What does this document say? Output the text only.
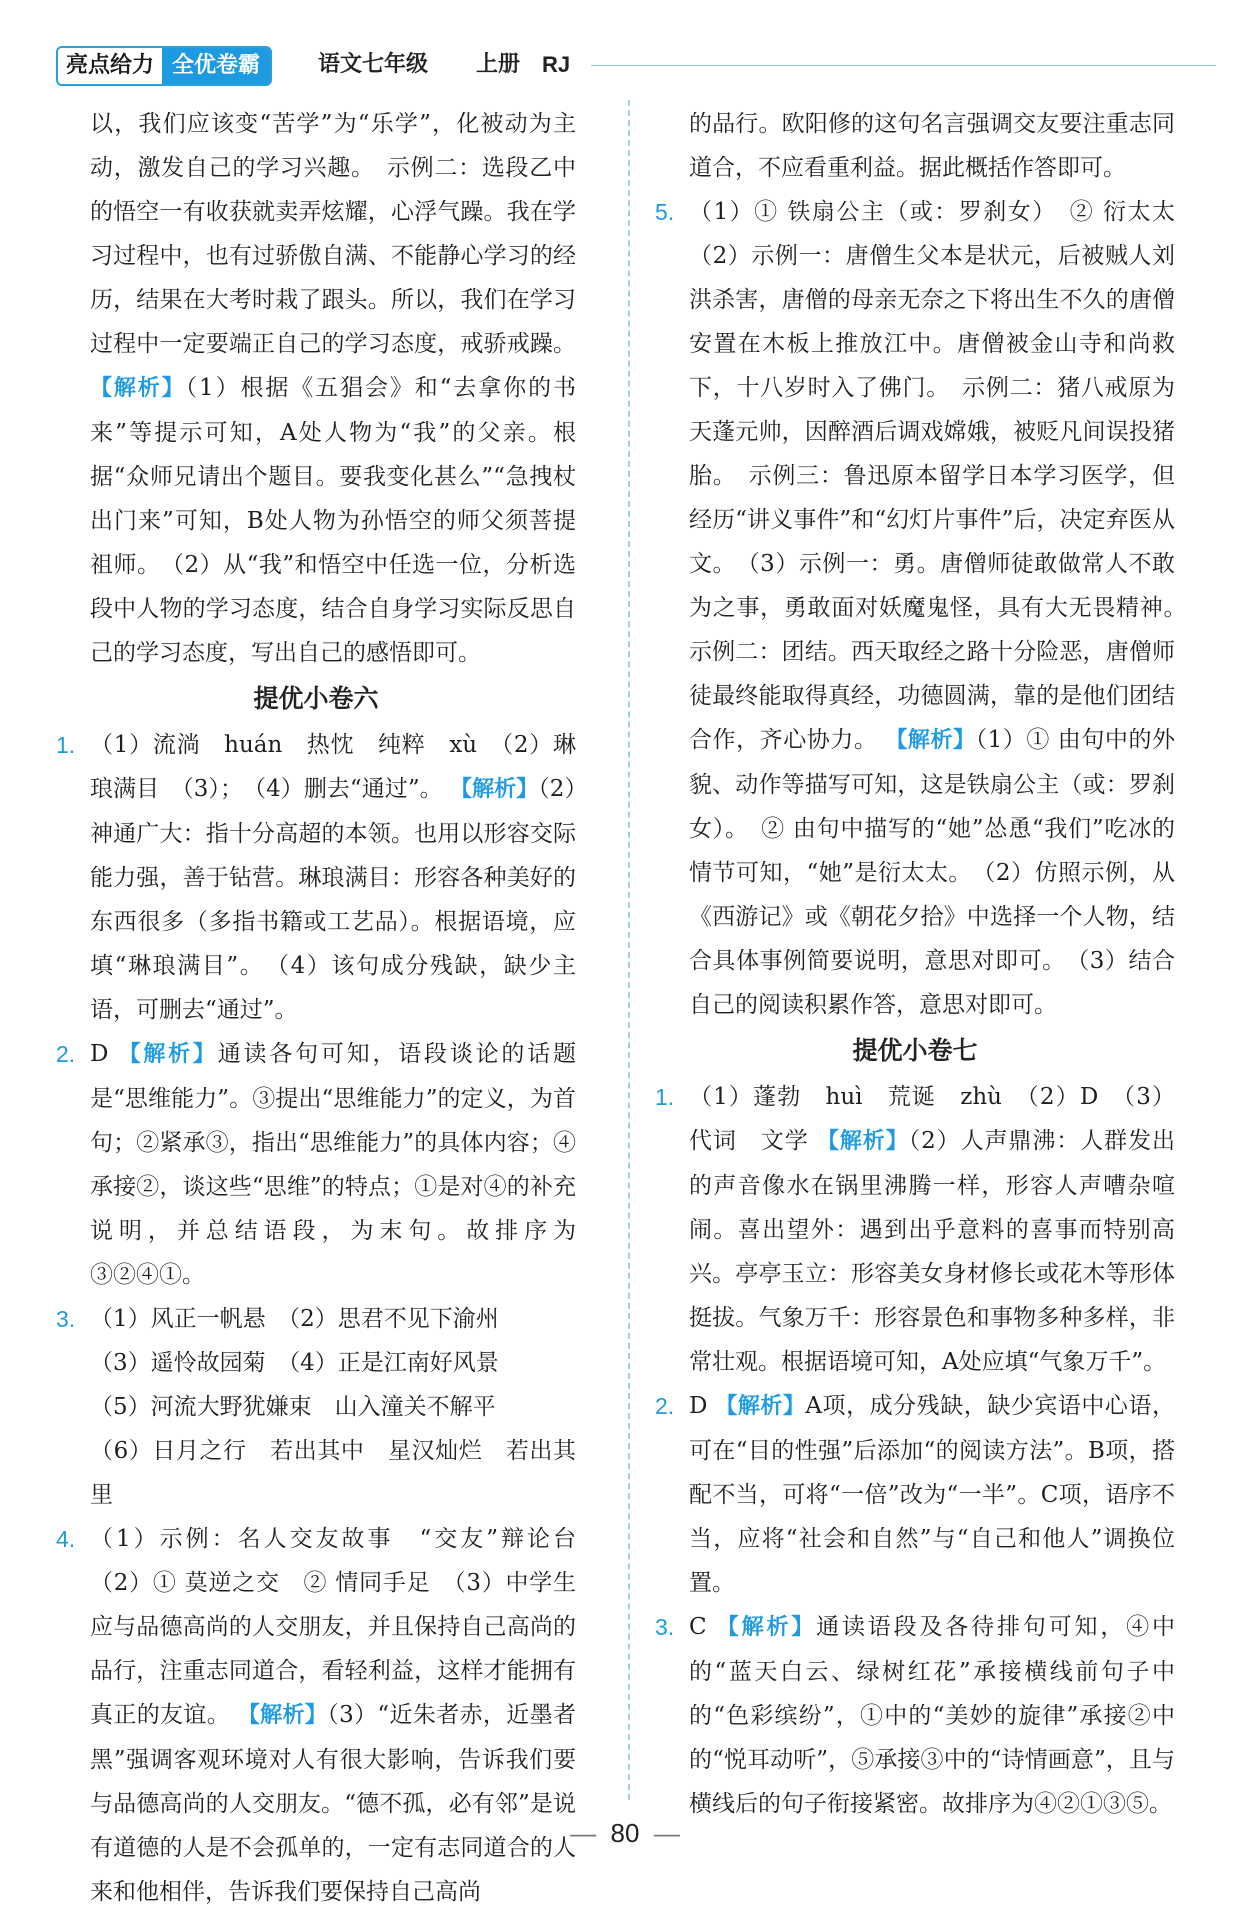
亮点给力 全优卷霸	语文七年级 上册 RJ
以，我们应该变“苦学”为“乐学”，化被动为主动，激发自己的学习兴趣。　示例二：选段乙中的悟空一有收获就卖弄炫耀，心浮气躁。我在学习过程中，也有过骄傲自满、不能静心学习的经历，结果在大考时栽了跟头。所以，我们在学习过程中一定要端正自己的学习态度，戒骄戒躁。 【解析】（1）根据《五猖会》和“去拿你的书来”等提示可知，A处人物为“我”的父亲。根据“众师兄请出个题目。要我变化甚么”“急拽杖出门来”可知，B处人物为孙悟空的师父须菩提祖师。　（2）从“我”和悟空中任选一位，分析选段中人物的学习态度，结合自身学习实际反思自己的学习态度，写出自己的感悟即可。
提优小卷六
1. （1）流淌　huán　热忱　纯粹　xù　（2）琳琅满目　（3）；　（4）删去“通过”。 【解析】（2）神通广大：指十分高超的本领。也用以形容交际能力强，善于钻营。琳琅满目：形容各种美好的东西很多（多指书籍或工艺品）。根据语境，应填“琳琅满目”。　（4）该句成分残缺，缺少主语，可删去“通过”。
2. D 【解析】通读各句可知，语段谈论的话题是“思维能力”。③提出“思维能力”的定义，为首句；②紧承③，指出“思维能力”的具体内容；④承接②，谈这些“思维”的特点；①是对④的补充说明，并总结语段，为末句。故排序为③②④①。
3. （1）风正一帆悬　（2）思君不见下渝州
（3）遥怜故园菊　（4）正是江南好风景
（5）河流大野犹嫌束　山入潼关不解平
（6）日月之行　若出其中　星汉灿烂　若出其里
4. （1）示例：名人交友故事　“交友”辩论台　（2）① 莫逆之交　② 情同手足　（3）中学生应与品德高尚的人交朋友，并且保持自己高尚的品行，注重志同道合，看轻利益，这样才能拥有真正的友谊。 【解析】（3）“近朱者赤，近墨者黑”强调客观环境对人有很大影响，告诉我们要与品德高尚的人交朋友。“德不孤，必有邻”是说有道德的人是不会孤单的，一定有志同道合的人来和他相伴，告诉我们要保持自己高尚
的品行。欧阳修的这句名言强调交友要注重志同道合，不应看重利益。据此概括作答即可。
5. （1）① 铁扇公主（或：罗刹女）　② 衍太太　（2）示例一：唐僧生父本是状元，后被贼人刘洪杀害，唐僧的母亲无奈之下将出生不久的唐僧安置在木板上推放江中。唐僧被金山寺和尚救下，十八岁时入了佛门。　示例二：猪八戒原为天蓬元帅，因醉酒后调戏嫦娥，被贬凡间误投猪胎。　示例三：鲁迅原本留学日本学习医学，但经历“讲义事件”和“幻灯片事件”后，决定弃医从文。　（3）示例一：勇。唐僧师徒敢做常人不敢为之事，勇敢面对妖魔鬼怪，具有大无畏精神。　示例二：团结。西天取经之路十分险恶，唐僧师徒最终能取得真经，功德圆满，靠的是他们团结合作，齐心协力。 【解析】（1）① 由句中的外貌、动作等描写可知，这是铁扇公主（或：罗刹女）。　② 由句中描写的“她”怂恿“我们”吃冰的情节可知，“她”是衍太太。　（2）仿照示例，从《西游记》或《朝花夕拾》中选择一个人物，结合具体事例简要说明，意思对即可。　（3）结合自己的阅读积累作答，意思对即可。
提优小卷七
1. （1）蓬勃　huì　荒诞　zhù　（2）D　（3）代词　文学 【解析】（2）人声鼎沸：人群发出的声音像水在锅里沸腾一样，形容人声嘈杂喧闹。喜出望外：遇到出乎意料的喜事而特别高兴。亭亭玉立：形容美女身材修长或花木等形体挺拔。气象万千：形容景色和事物多种多样，非常壮观。根据语境可知，A处应填“气象万千”。
2. D 【解析】A项，成分残缺，缺少宾语中心语，可在“目的性强”后添加“的阅读方法”。B项，搭配不当，可将“一倍”改为“一半”。C项，语序不当，应将“社会和自然”与“自己和他人”调换位置。
3. C 【解析】通读语段及各待排句可知，④中的“蓝天白云、绿树红花”承接横线前句子中的“色彩缤纷”，①中的“美妙的旋律”承接②中的“悦耳动听”，⑤承接③中的“诗情画意”，且与横线后的句子衔接紧密。故排序为④②①③⑤。
— 80 —
